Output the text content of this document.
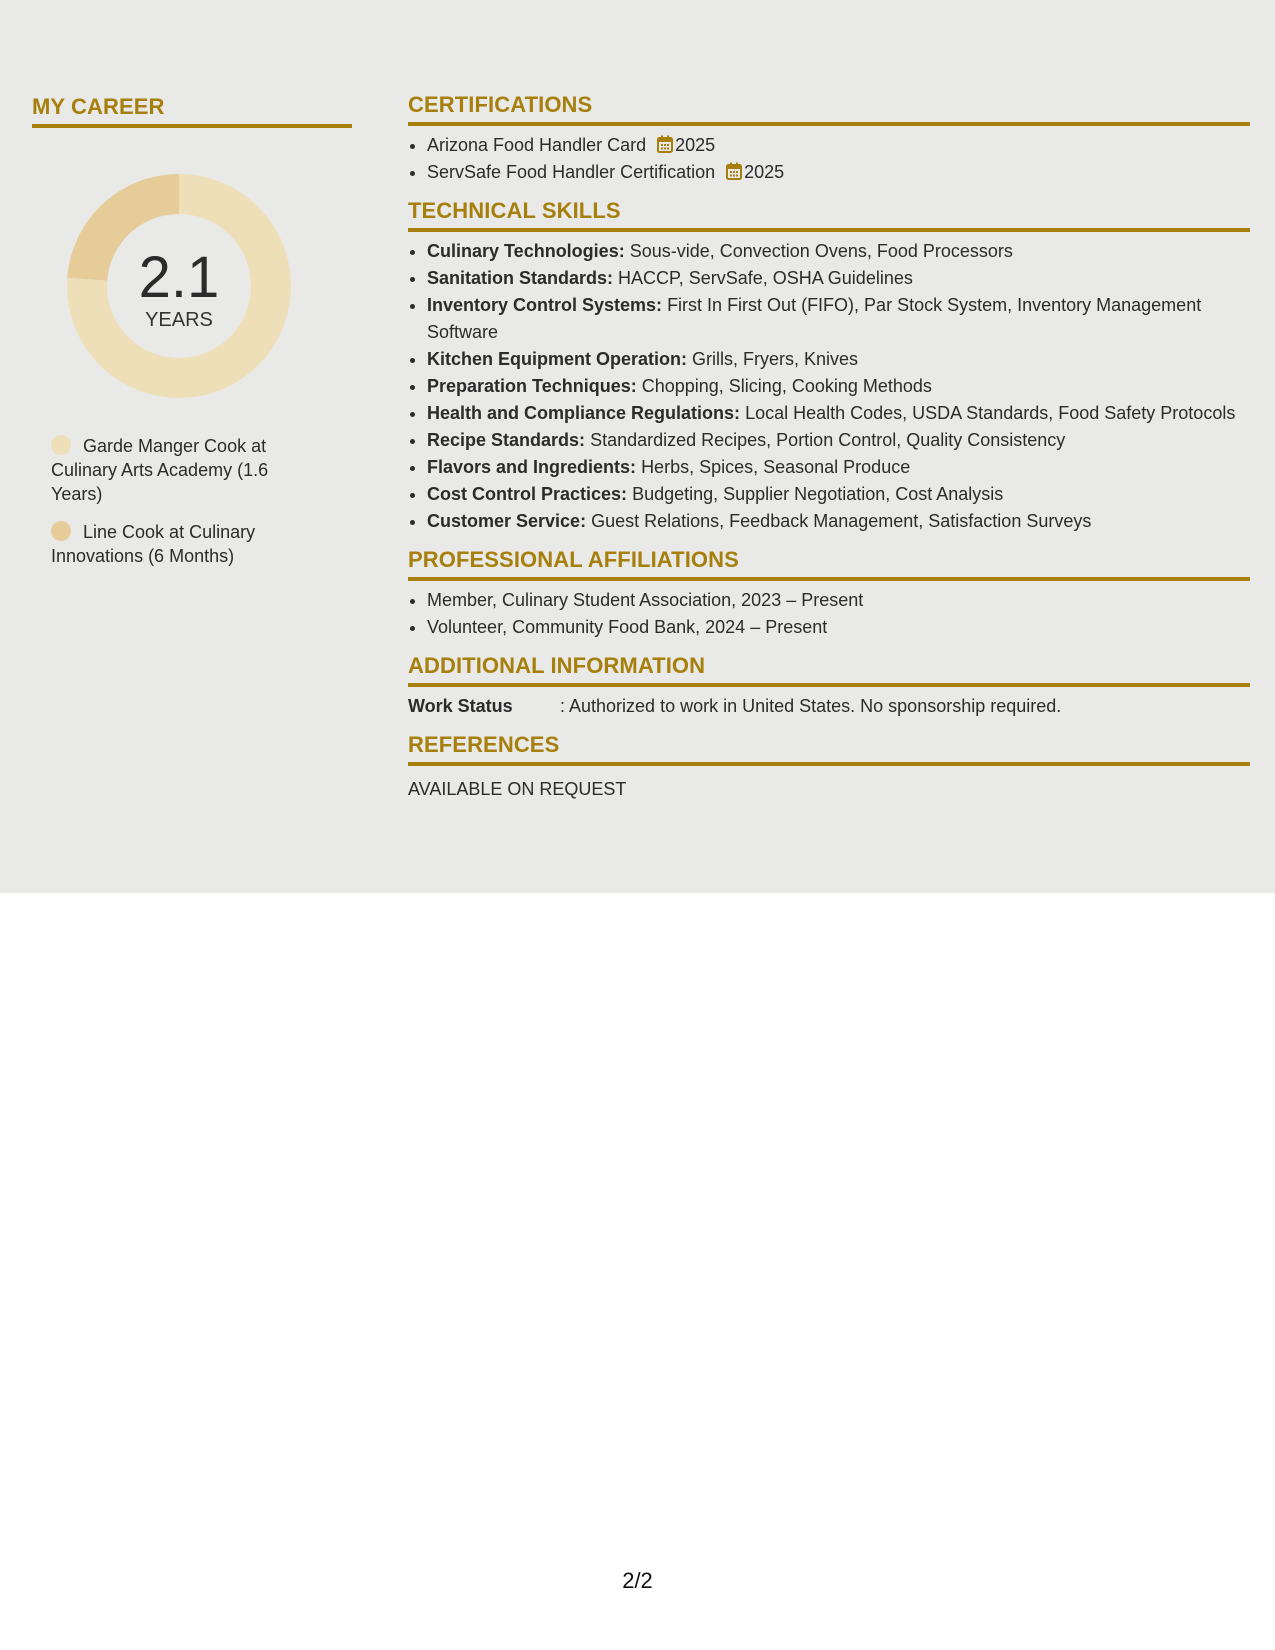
MY CAREER
2.1
YEARS
Garde Manger Cook at Culinary Arts Academy (1.6 Years)
Line Cook at Culinary Innovations (6 Months)
CERTIFICATIONS
• Arizona Food Handler Card 2025
• ServSafe Food Handler Certification 2025
TECHNICAL SKILLS
• Culinary Technologies: Sous-vide, Convection Ovens, Food Processors
• Sanitation Standards: HACCP, ServSafe, OSHA Guidelines
• Inventory Control Systems: First In First Out (FIFO), Par Stock System, Inventory Management Software
• Kitchen Equipment Operation: Grills, Fryers, Knives
• Preparation Techniques: Chopping, Slicing, Cooking Methods
• Health and Compliance Regulations: Local Health Codes, USDA Standards, Food Safety Protocols
• Recipe Standards: Standardized Recipes, Portion Control, Quality Consistency
• Flavors and Ingredients: Herbs, Spices, Seasonal Produce
• Cost Control Practices: Budgeting, Supplier Negotiation, Cost Analysis
• Customer Service: Guest Relations, Feedback Management, Satisfaction Surveys
PROFESSIONAL AFFILIATIONS
• Member, Culinary Student Association, 2023 – Present
• Volunteer, Community Food Bank, 2024 – Present
ADDITIONAL INFORMATION
Work Status	: Authorized to work in United States. No sponsorship required.
REFERENCES
AVAILABLE ON REQUEST
2/2
